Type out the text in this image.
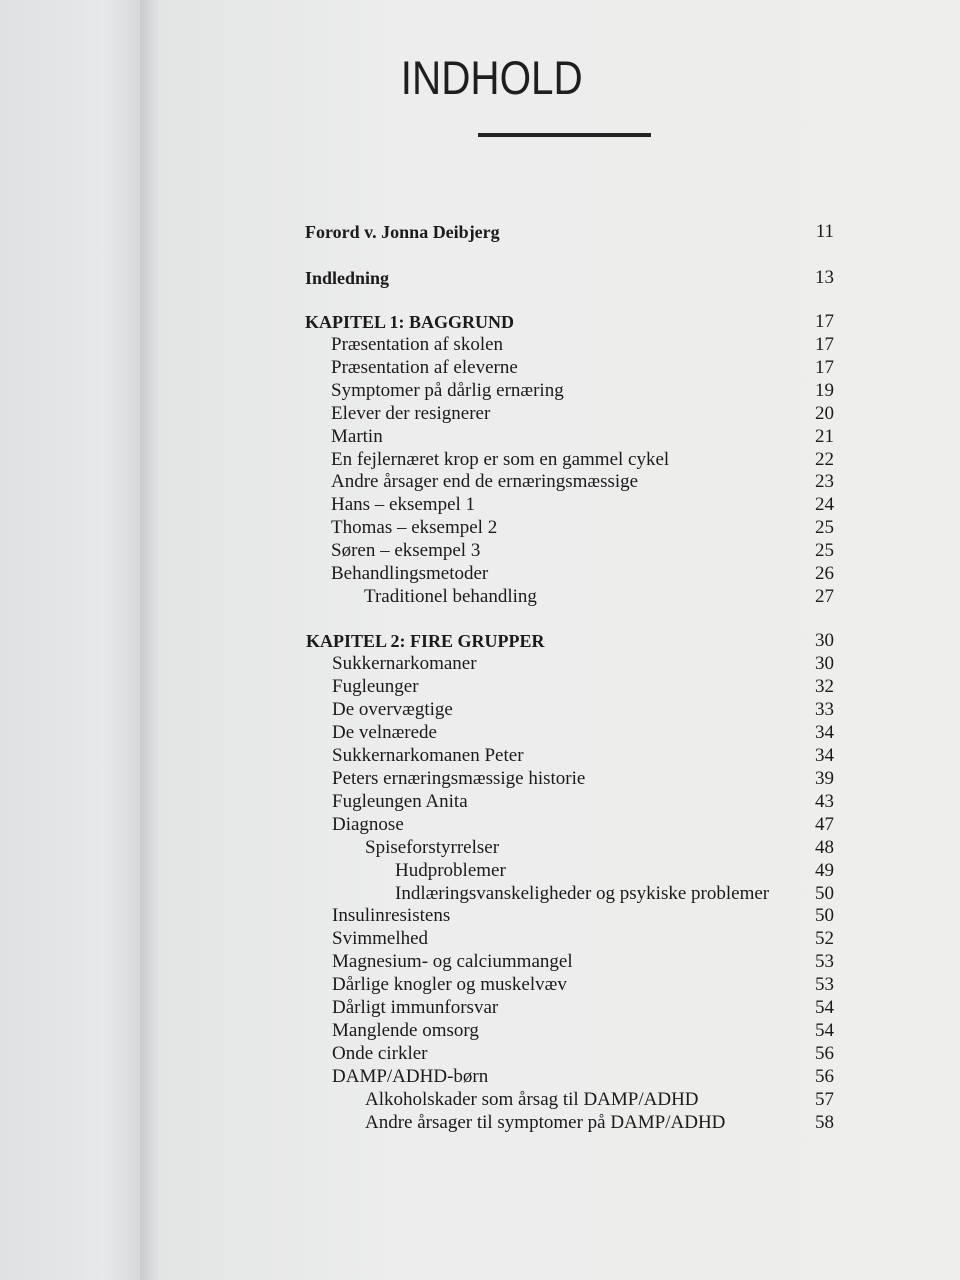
INDHOLD
Forord v. Jonna Deibjerg	11
Indledning	13
KAPITEL 1: BAGGRUND	17
Præsentation af skolen	17
Præsentation af eleverne	17
Symptomer på dårlig ernæring	19
Elever der resignerer	20
Martin	21
En fejlernæret krop er som en gammel cykel	22
Andre årsager end de ernæringsmæssige	23
Hans – eksempel 1	24
Thomas – eksempel 2	25
Søren – eksempel 3	25
Behandlingsmetoder	26
Traditionel behandling	27
KAPITEL 2: FIRE GRUPPER	30
Sukkernarkomaner	30
Fugleunger	32
De overvægtige	33
De velnærede	34
Sukkernarkomanen Peter	34
Peters ernæringsmæssige historie	39
Fugleungen Anita	43
Diagnose	47
Spiseforstyrrelser	48
Hudproblemer	49
Indlæringsvanskeligheder og psykiske problemer 50
Insulinresistens	50
Svimmelhed	52
Magnesium- og calciummangel	53
Dårlige knogler og muskelvæv	53
Dårligt immunforsvar	54
Manglende omsorg	54
Onde cirkler	56
DAMP/ADHD-børn	56
Alkoholskader som årsag til DAMP/ADHD	57
Andre årsager til symptomer på DAMP/ADHD	58
